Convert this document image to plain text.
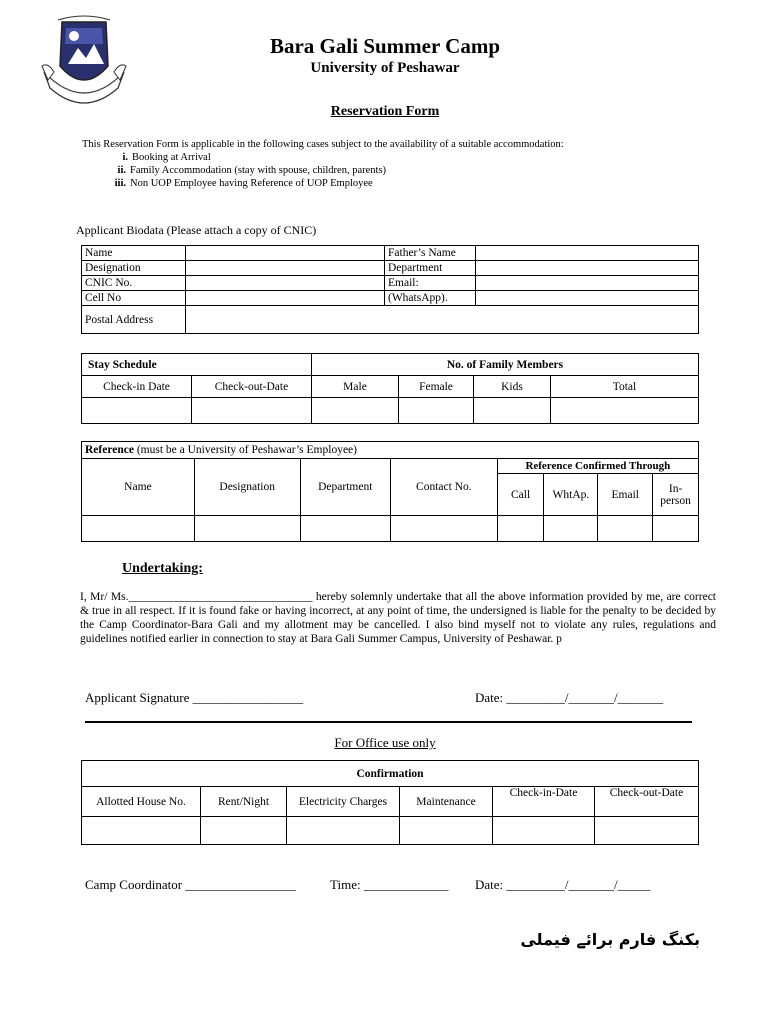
Bara Gali Summer Camp
University of Peshawar
Reservation Form
This Reservation Form is applicable in the following cases subject to the availability of a suitable accommodation:
i. Booking at Arrival
ii. Family Accommodation (stay with spouse, children, parents)
iii. Non UOP Employee having Reference of UOP Employee
Applicant Biodata (Please attach a copy of CNIC)
Name		Father’s Name	
Designation		Department	
CNIC No.		Email:	
Cell No		(WhatsApp).	
Postal Address			
Stay Schedule		No. of Family Members			
Check-in Date	Check-out-Date	Male	Female	Kids	Total

Reference (must be a University of Peshawar’s Employee)							
Name	Designation	Department	Contact No.	Reference Confirmed Through			
				Call	WhtAp.	Email	In-person

Undertaking:
I, Mr/ Ms.________________________________ hereby solemnly undertake that all the above information provided by me, are correct & true in all respect. If it is found fake or having incorrect, at any point of time, the undersigned is liable for the penalty to be decided by the Camp Coordinator-Bara Gali and my allotment may be cancelled. I also bind myself not to violate any rules, regulations and guidelines notified earlier in connection to stay at Bara Gali Summer Campus, University of Peshawar. p
Applicant Signature _________________	Date: _________/_______/_______
For Office use only
Confirmation					
Allotted House No.	Rent/Night	Electricity Charges	Maintenance	Check-in-Date	Check-out-Date

Camp Coordinator _________________	Time: _____________ Date: _________/_______/_____
بکنگ فارم برائے فیملی
